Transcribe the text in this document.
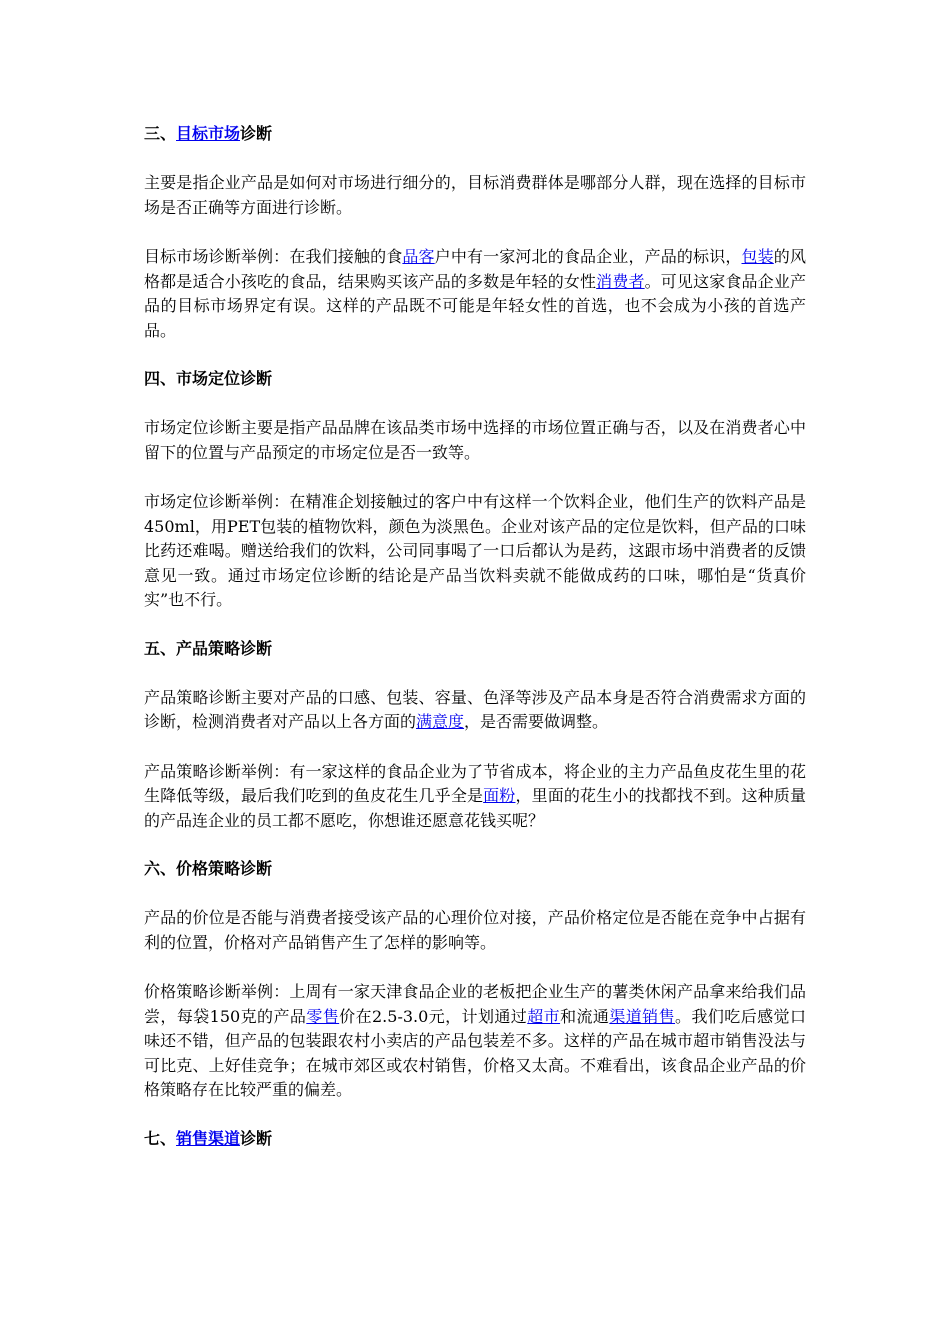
三、目标市场诊断

主要是指企业产品是如何对市场进行细分的，目标消费群体是哪部分人群，现在选择的目标市场是否正确等方面进行诊断。

目标市场诊断举例：在我们接触的食品客户中有一家河北的食品企业，产品的标识，包装的风格都是适合小孩吃的食品，结果购买该产品的多数是年轻的女性消费者。可见这家食品企业产品的目标市场界定有误。这样的产品既不可能是年轻女性的首选，也不会成为小孩的首选产品。

四、市场定位诊断

市场定位诊断主要是指产品品牌在该品类市场中选择的市场位置正确与否，以及在消费者心中留下的位置与产品预定的市场定位是否一致等。

市场定位诊断举例：在精准企划接触过的客户中有这样一个饮料企业，他们生产的饮料产品是450ml，用PET包装的植物饮料，颜色为淡黑色。企业对该产品的定位是饮料，但产品的口味比药还难喝。赠送给我们的饮料，公司同事喝了一口后都认为是药，这跟市场中消费者的反馈意见一致。通过市场定位诊断的结论是产品当饮料卖就不能做成药的口味，哪怕是“货真价实”也不行。

五、产品策略诊断

产品策略诊断主要对产品的口感、包装、容量、色泽等涉及产品本身是否符合消费需求方面的诊断，检测消费者对产品以上各方面的满意度，是否需要做调整。

产品策略诊断举例：有一家这样的食品企业为了节省成本，将企业的主力产品鱼皮花生里的花生降低等级，最后我们吃到的鱼皮花生几乎全是面粉，里面的花生小的找都找不到。这种质量的产品连企业的员工都不愿吃，你想谁还愿意花钱买呢？

六、价格策略诊断

产品的价位是否能与消费者接受该产品的心理价位对接，产品价格定位是否能在竞争中占据有利的位置，价格对产品销售产生了怎样的影响等。

价格策略诊断举例：上周有一家天津食品企业的老板把企业生产的薯类休闲产品拿来给我们品尝，每袋150克的产品零售价在2.5-3.0元，计划通过超市和流通渠道销售。我们吃后感觉口味还不错，但产品的包装跟农村小卖店的产品包装差不多。这样的产品在城市超市销售没法与可比克、上好佳竞争；在城市郊区或农村销售，价格又太高。不难看出，该食品企业产品的价格策略存在比较严重的偏差。

七、销售渠道诊断
